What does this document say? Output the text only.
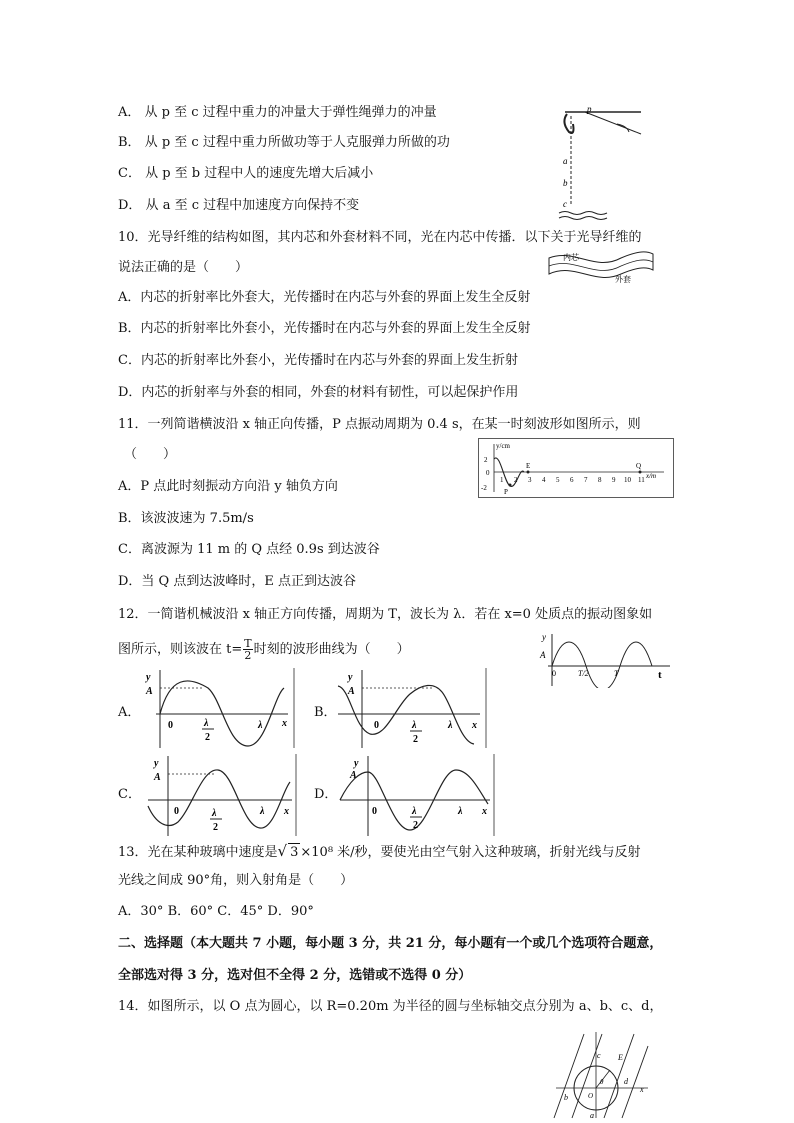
A． 从 p 至 c 过程中重力的冲量大于弹性绳弹力的冲量
B． 从 p 至 c 过程中重力所做功等于人克服弹力所做的功
C． 从 p 至 b 过程中人的速度先增大后减小
D． 从 a 至 c 过程中加速度方向保持不变
p
a
b
c
10．光导纤维的结构如图，其内芯和外套材料不同，光在内芯中传播．以下关于光导纤维的
说法正确的是（　　）
A．内芯的折射率比外套大，光传播时在内芯与外套的界面上发生全反射
B．内芯的折射率比外套小，光传播时在内芯与外套的界面上发生全反射
C．内芯的折射率比外套小，光传播时在内芯与外套的界面上发生折射
D．内芯的折射率与外套的相同，外套的材料有韧性，可以起保护作用
内芯
外套
11．一列简谐横波沿 x 轴正向传播，P 点振动周期为 0.4 s，在某一时刻波形如图所示，则
（　　）
A．P 点此时刻振动方向沿 y 轴负方向
B．该波波速为 7.5m/s
C．离波源为 11 m 的 Q 点经 0.9s 到达波谷
D．当 Q 点到达波峰时，E 点正到达波谷
y/cm
x/m
2
0
-2
1 2 3 4 5 6 7 8 9 10 11
P
E	Q
12．一简谐机械波沿 x 轴正方向传播，周期为 T，波长为 λ．若在 x=0 处质点的振动图象如
图所示，则该波在 $t= \frac{T}{2}$ 时刻的波形曲线为（　　）
y
A
0	T/2	T	t
A．
y
A
0	λ
2
λ x
B．
y
A
0	λ
2
λ x
C．
y
A
0	λ
2
λ x
D．
y
A
0	λ
2
λ x
13．光在某种玻璃中速度是√ 3 ×10⁸ 米/秒，要使光由空气射入这种玻璃，折射光线与反射
光线之间成 90°角，则入射角是（　　）
A．30° B．60° C．45° D．90°
二、选择题（本大题共 7 小题，每小题 3 分，共 21 分，每小题有一个或几个选项符合题意，
全部选对得 3 分，选对但不全得 2 分，选错或不选得 0 分）
14．如图所示，以 O 点为圆心，以 R=0.20m 为半径的圆与坐标轴交点分别为 a、b、c、d，
c E
x
b
d
a
θ
O
